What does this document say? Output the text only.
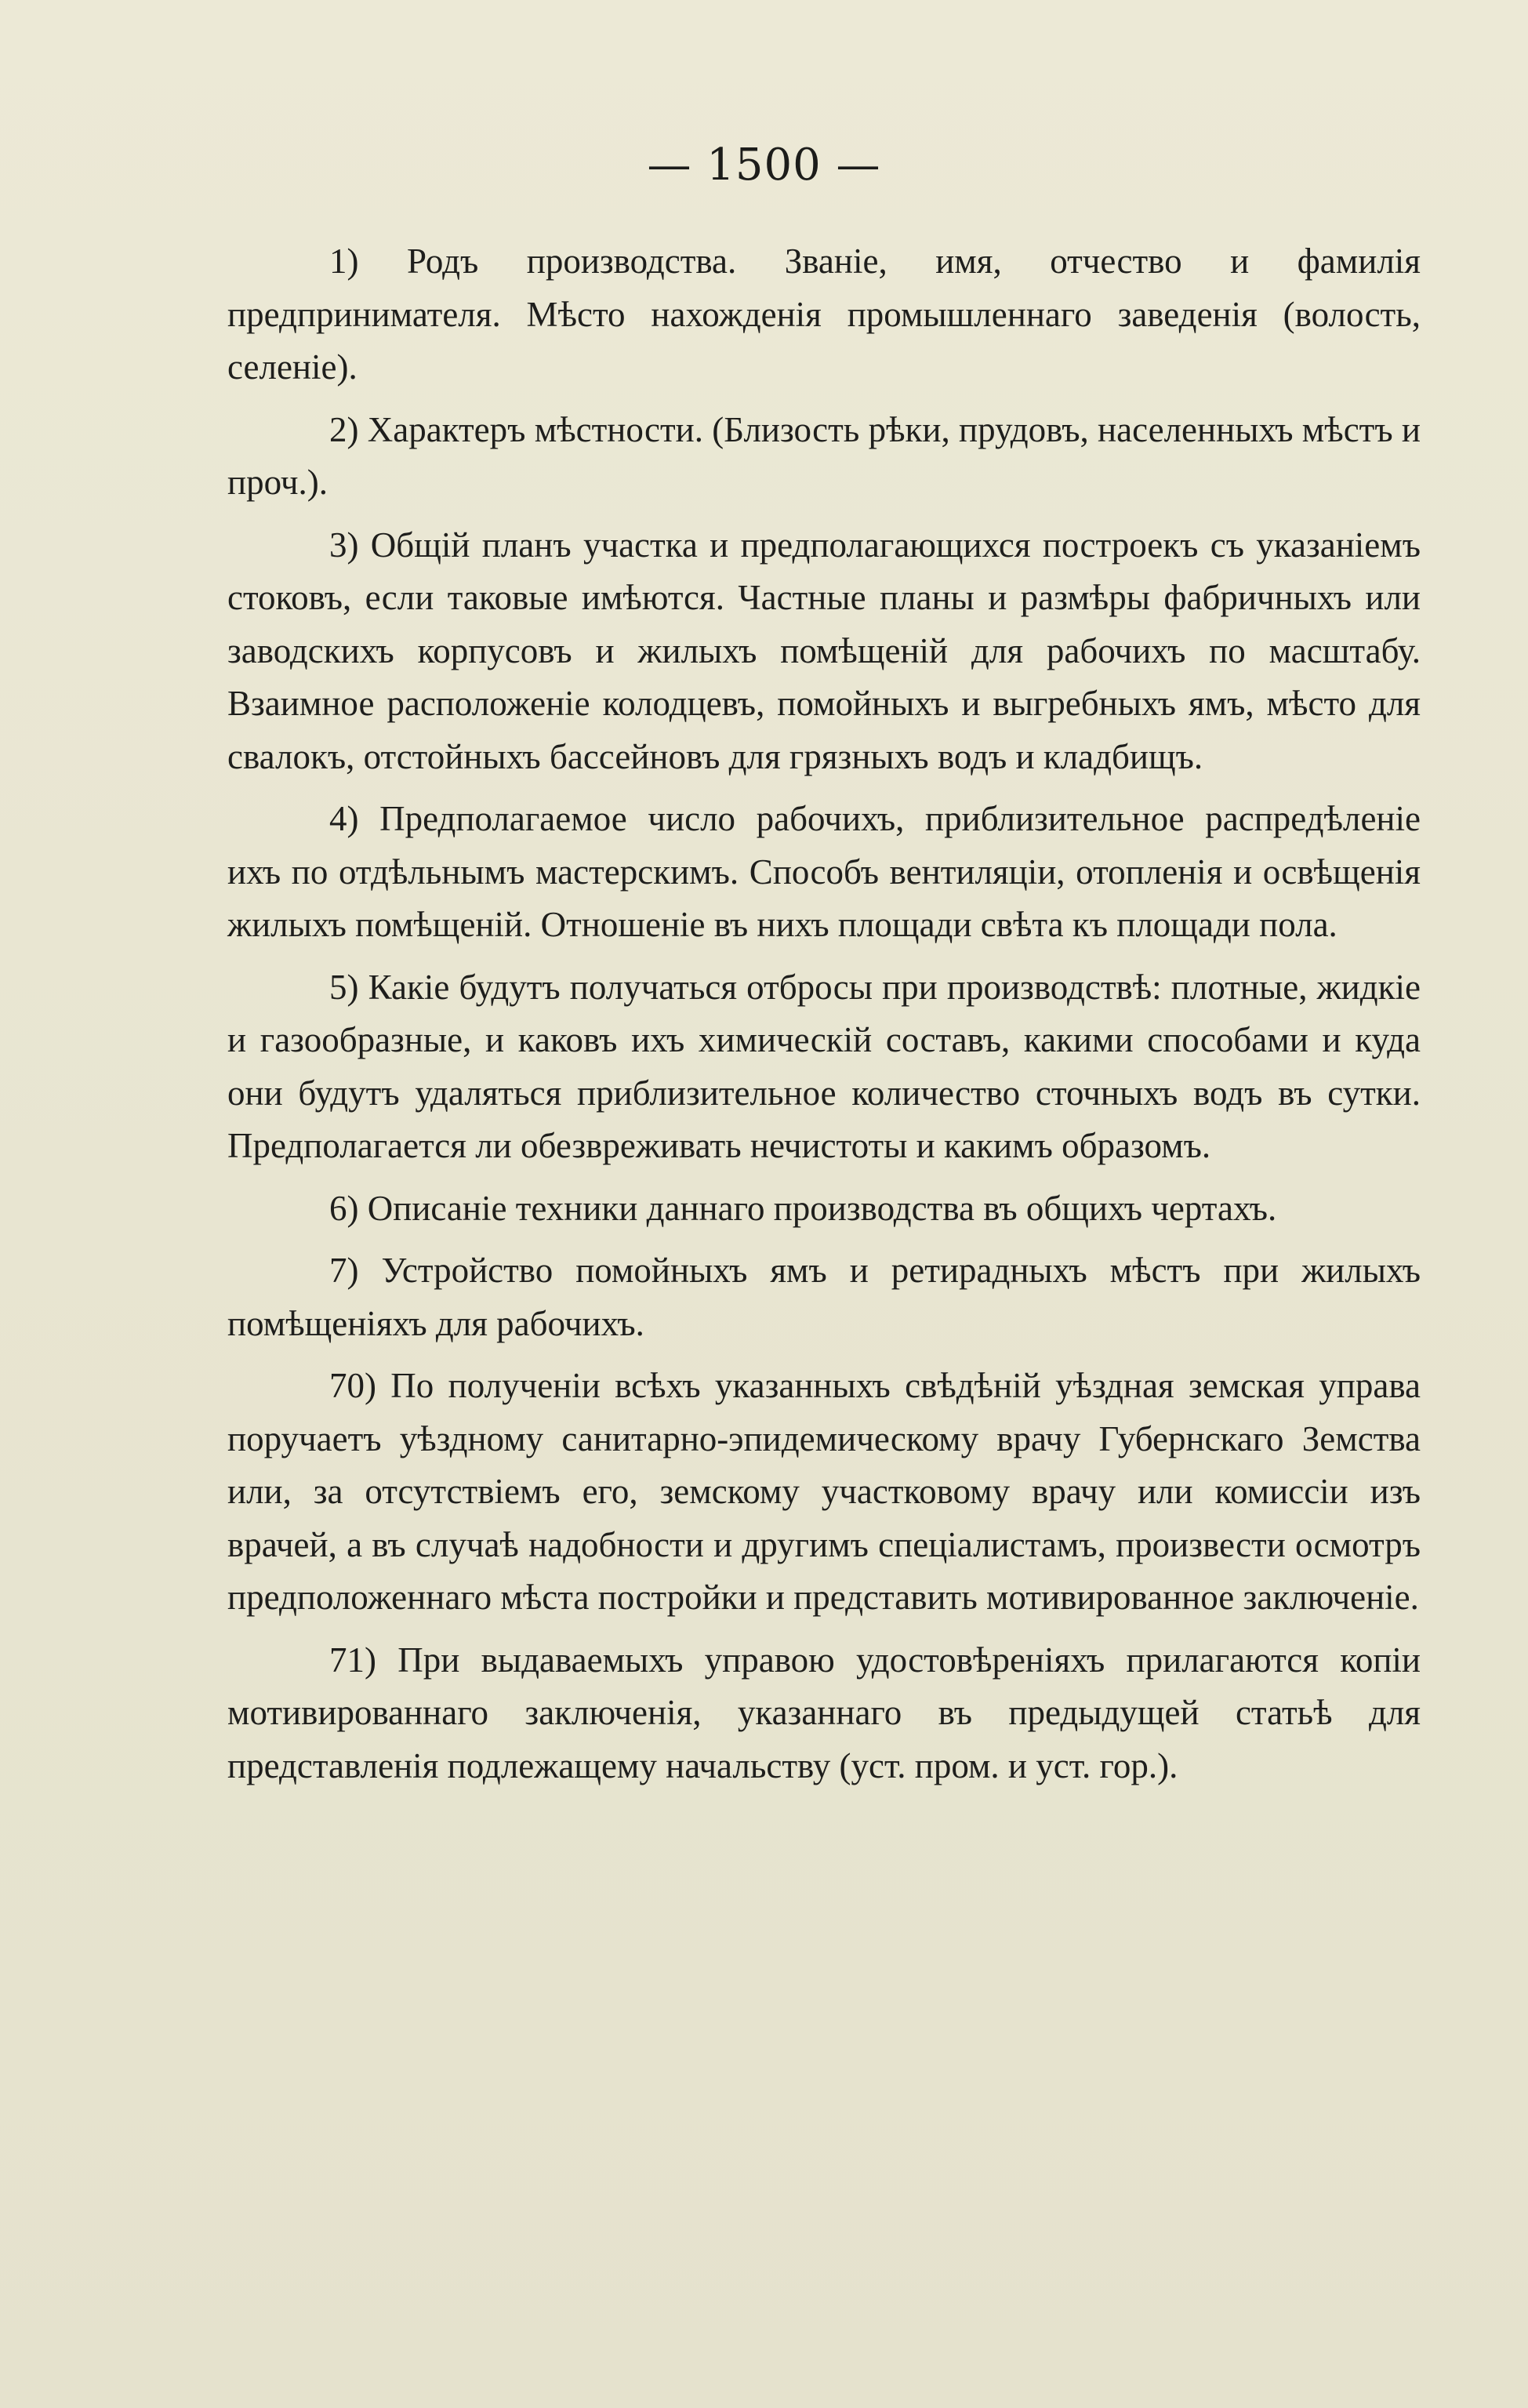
— 1500 —

1) Родъ производства. Званіе, имя, отчество и фамилія предпринимателя. Мѣсто нахожденія промышленнаго заведенія (волость, селеніе).

2) Характеръ мѣстности. (Близость рѣки, прудовъ, населенныхъ мѣстъ и проч.).

3) Общій планъ участка и предполагающихся построекъ съ указаніемъ стоковъ, если таковые имѣются. Частные планы и размѣры фабричныхъ или заводскихъ корпусовъ и жилыхъ помѣщеній для рабочихъ по масштабу. Взаимное расположеніе колодцевъ, помойныхъ и выгребныхъ ямъ, мѣсто для свалокъ, отстойныхъ бассейновъ для грязныхъ водъ и кладбищъ.

4) Предполагаемое число рабочихъ, приблизительное распредѣленіе ихъ по отдѣльнымъ мастерскимъ. Способъ вентиляціи, отопленія и освѣщенія жилыхъ помѣщеній. Отношеніе въ нихъ площади свѣта къ площади пола.

5) Какіе будутъ получаться отбросы при производствѣ: плотные, жидкіе и газообразные, и каковъ ихъ химическій составъ, какими способами и куда они будутъ удаляться приблизительное количество сточныхъ водъ въ сутки. Предполагается ли обезвреживать нечистоты и какимъ образомъ.

6) Описаніе техники даннаго производства въ общихъ чертахъ.

7) Устройство помойныхъ ямъ и ретирадныхъ мѣстъ при жилыхъ помѣщеніяхъ для рабочихъ.

70) По полученіи всѣхъ указанныхъ свѣдѣній уѣздная земская управа поручаетъ уѣздному санитарно-эпидемическому врачу Губернскаго Земства или, за отсутствіемъ его, земскому участковому врачу или комиссіи изъ врачей, а въ случаѣ надобности и другимъ спеціалистамъ, произвести осмотръ предположеннаго мѣста постройки и представить мотивированное заключеніе.

71) При выдаваемыхъ управою удостовѣреніяхъ прилагаются копіи мотивированнаго заключенія, указаннаго въ предыдущей статьѣ для представленія подлежащему начальству (уст. пром. и уст. гор.).
